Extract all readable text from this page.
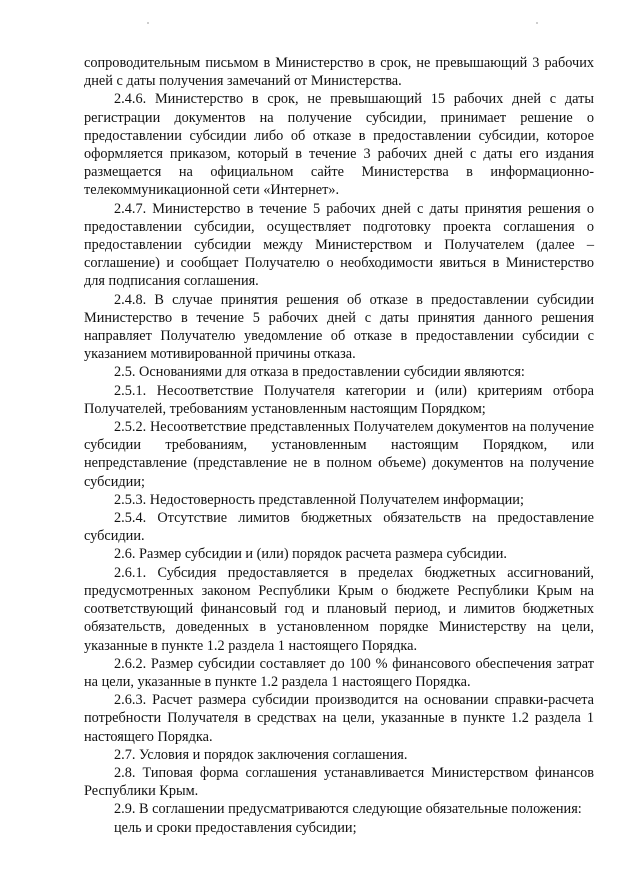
сопроводительным письмом в Министерство в срок, не превышающий 3 рабочих дней с даты получения замечаний от Министерства.

2.4.6. Министерство в срок, не превышающий 15 рабочих дней с даты регистрации документов на получение субсидии, принимает решение о предоставлении субсидии либо об отказе в предоставлении субсидии, которое оформляется приказом, который в течение 3 рабочих дней с даты его издания размещается на официальном сайте Министерства в информационно-телекоммуникационной сети «Интернет».

2.4.7. Министерство в течение 5 рабочих дней с даты принятия решения о предоставлении субсидии, осуществляет подготовку проекта соглашения о предоставлении субсидии между Министерством и Получателем (далее – соглашение) и сообщает Получателю о необходимости явиться в Министерство для подписания соглашения.

2.4.8. В случае принятия решения об отказе в предоставлении субсидии Министерство в течение 5 рабочих дней с даты принятия данного решения направляет Получателю уведомление об отказе в предоставлении субсидии с указанием мотивированной причины отказа.

2.5. Основаниями для отказа в предоставлении субсидии являются:

2.5.1. Несоответствие Получателя категории и (или) критериям отбора Получателей, требованиям установленным настоящим Порядком;

2.5.2. Несоответствие представленных Получателем документов на получение субсидии требованиям, установленным настоящим Порядком, или непредставление (представление не в полном объеме) документов на получение субсидии;

2.5.3. Недостоверность представленной Получателем информации;

2.5.4. Отсутствие лимитов бюджетных обязательств на предоставление субсидии.

2.6. Размер субсидии и (или) порядок расчета размера субсидии.

2.6.1. Субсидия предоставляется в пределах бюджетных ассигнований, предусмотренных законом Республики Крым о бюджете Республики Крым на соответствующий финансовый год и плановый период, и лимитов бюджетных обязательств, доведенных в установленном порядке Министерству на цели, указанные в пункте 1.2 раздела 1 настоящего Порядка.

2.6.2. Размер субсидии составляет до 100 % финансового обеспечения затрат на цели, указанные в пункте 1.2 раздела 1 настоящего Порядка.

2.6.3. Расчет размера субсидии производится на основании справки-расчета потребности Получателя в средствах на цели, указанные в пункте 1.2 раздела 1 настоящего Порядка.

2.7. Условия и порядок заключения соглашения.

2.8. Типовая форма соглашения устанавливается Министерством финансов Республики Крым.

2.9. В соглашении предусматриваются следующие обязательные положения:

цель и сроки предоставления субсидии;
